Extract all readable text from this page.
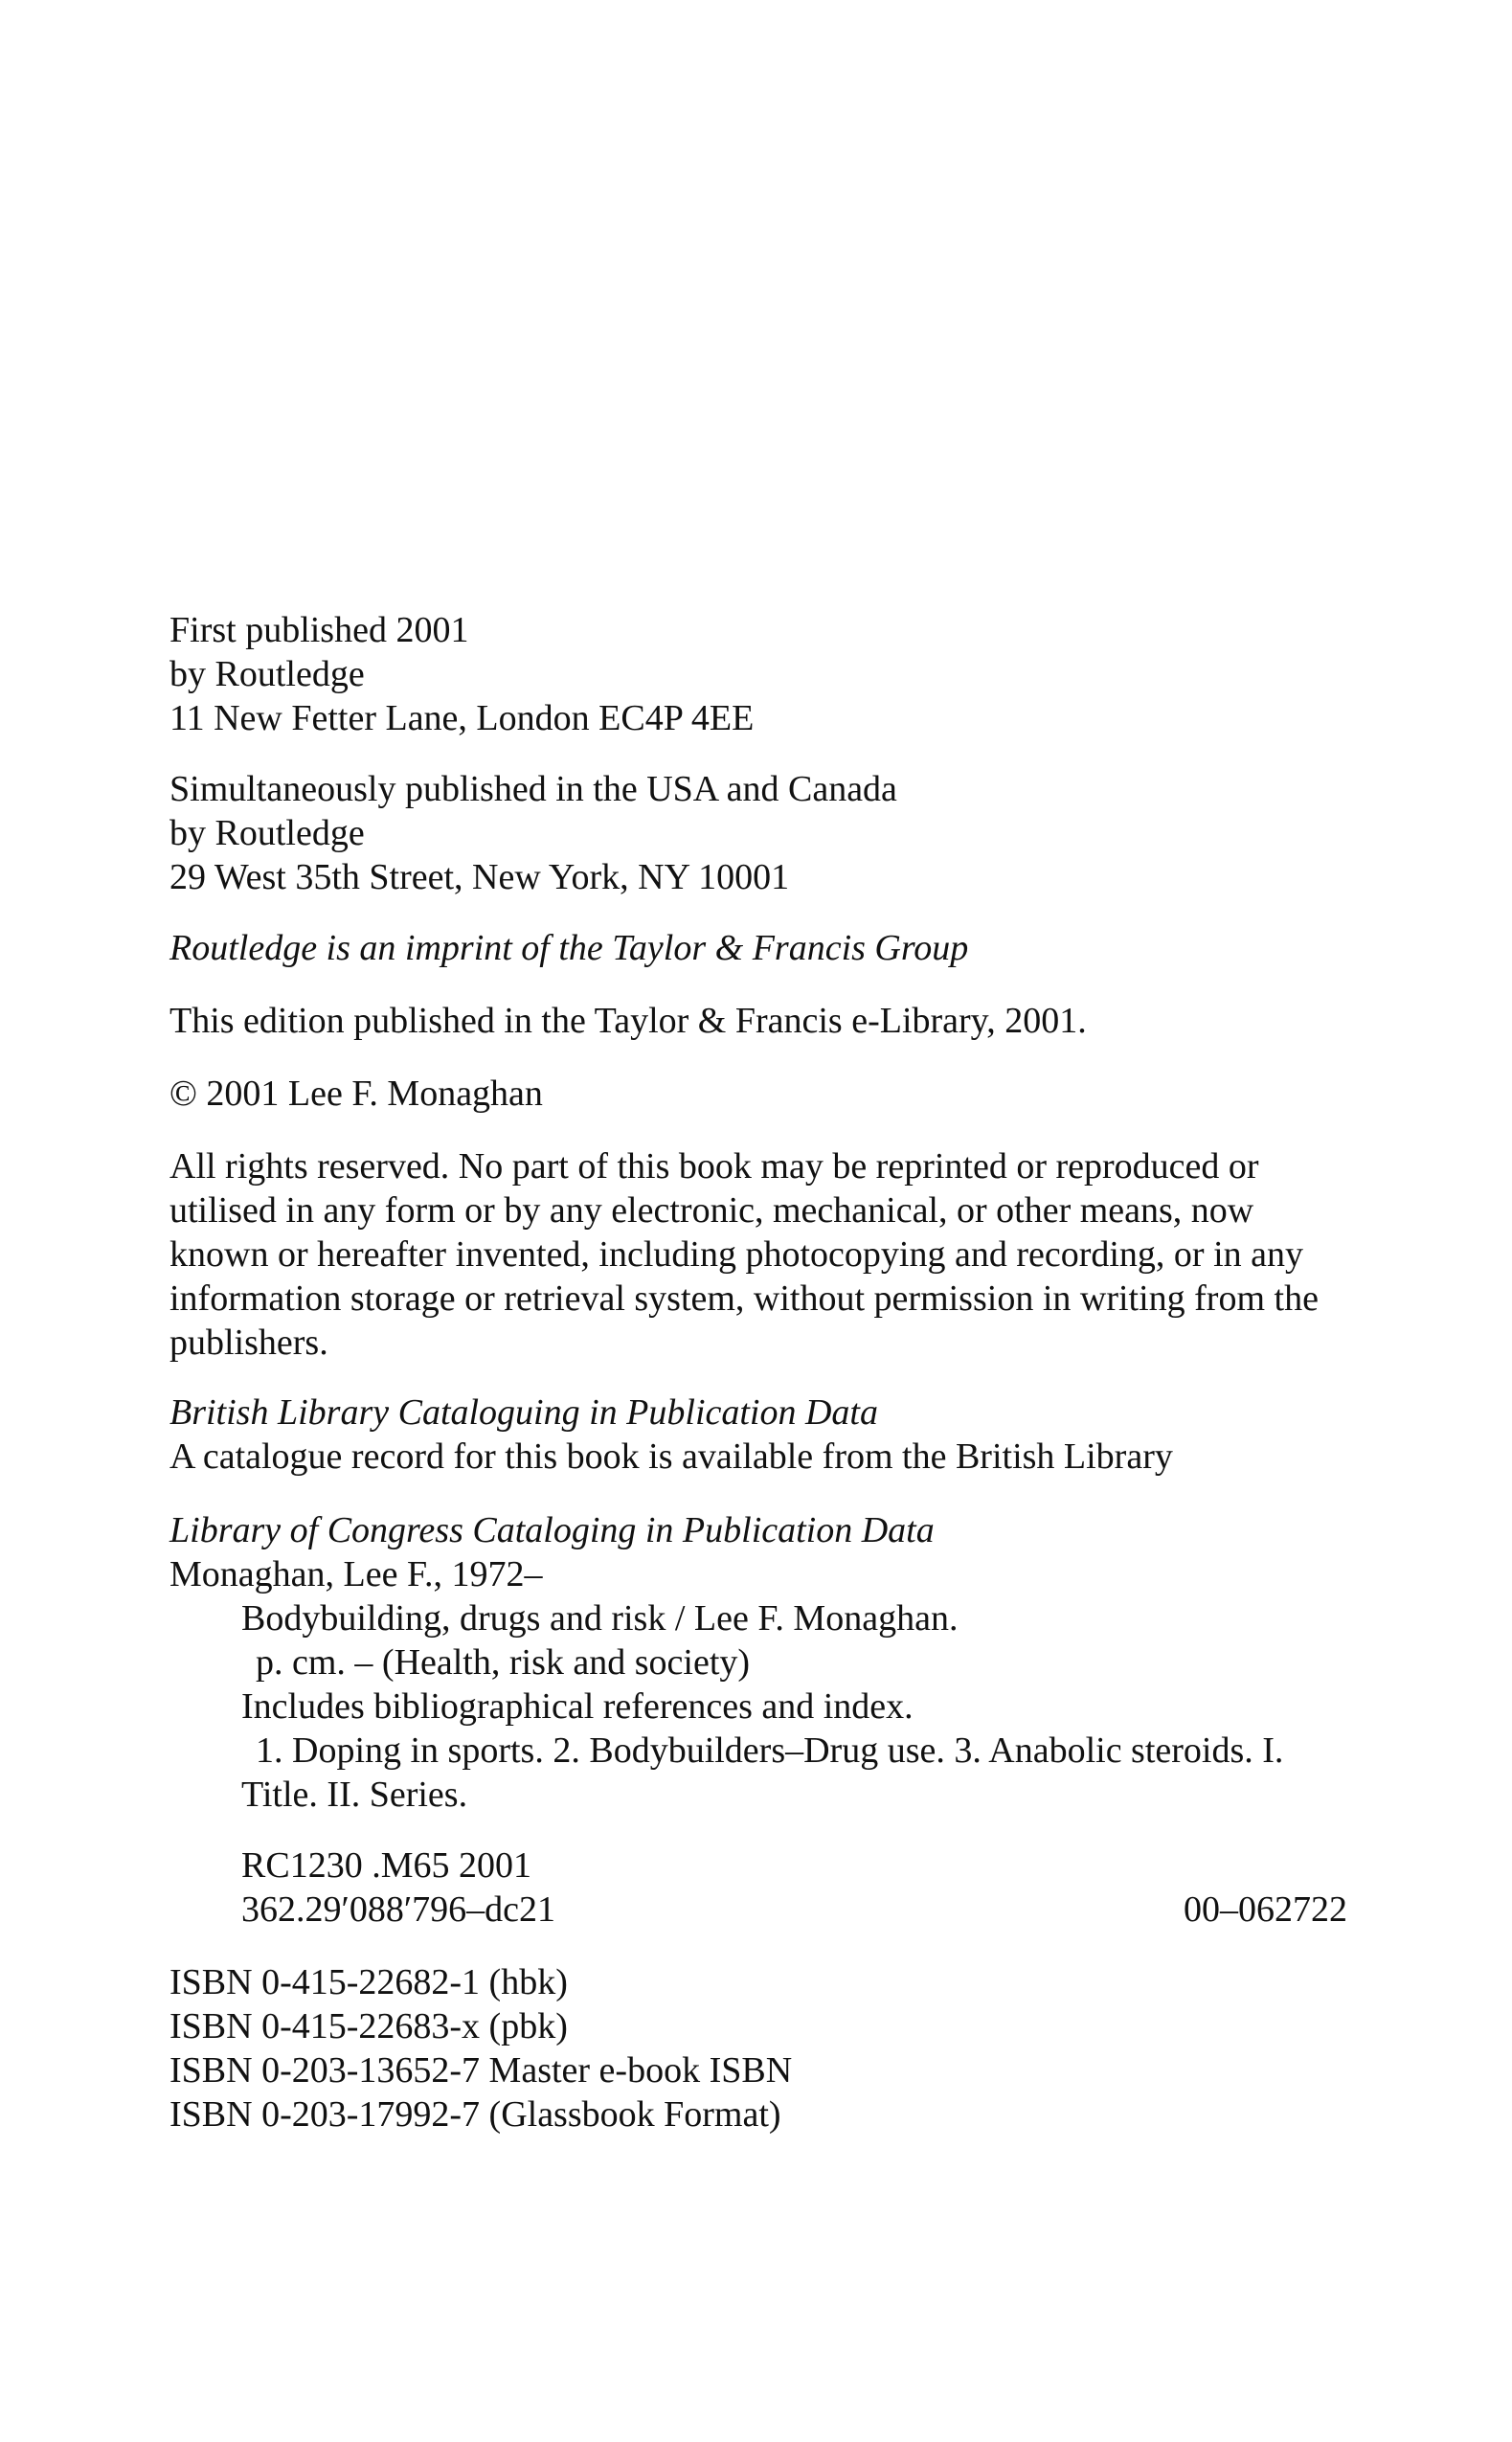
First published 2001
by Routledge
11 New Fetter Lane, London EC4P 4EE
Simultaneously published in the USA and Canada
by Routledge
29 West 35th Street, New York, NY 10001
Routledge is an imprint of the Taylor & Francis Group
This edition published in the Taylor & Francis e-Library, 2001.
© 2001 Lee F. Monaghan
All rights reserved. No part of this book may be reprinted or reproduced or
utilised in any form or by any electronic, mechanical, or other means, now
known or hereafter invented, including photocopying and recording, or in any
information storage or retrieval system, without permission in writing from the
publishers.
British Library Cataloguing in Publication Data
A catalogue record for this book is available from the British Library
Library of Congress Cataloging in Publication Data
Monaghan, Lee F., 1972–
Bodybuilding, drugs and risk / Lee F. Monaghan.
p. cm. – (Health, risk and society)
Includes bibliographical references and index.
1. Doping in sports. 2. Bodybuilders–Drug use. 3. Anabolic steroids. I.
Title. II. Series.
RC1230 .M65 2001
362.29′088′796–dc21	00–062722
ISBN 0-415-22682-1 (hbk)
ISBN 0-415-22683-x (pbk)
ISBN 0-203-13652-7 Master e-book ISBN
ISBN 0-203-17992-7 (Glassbook Format)
